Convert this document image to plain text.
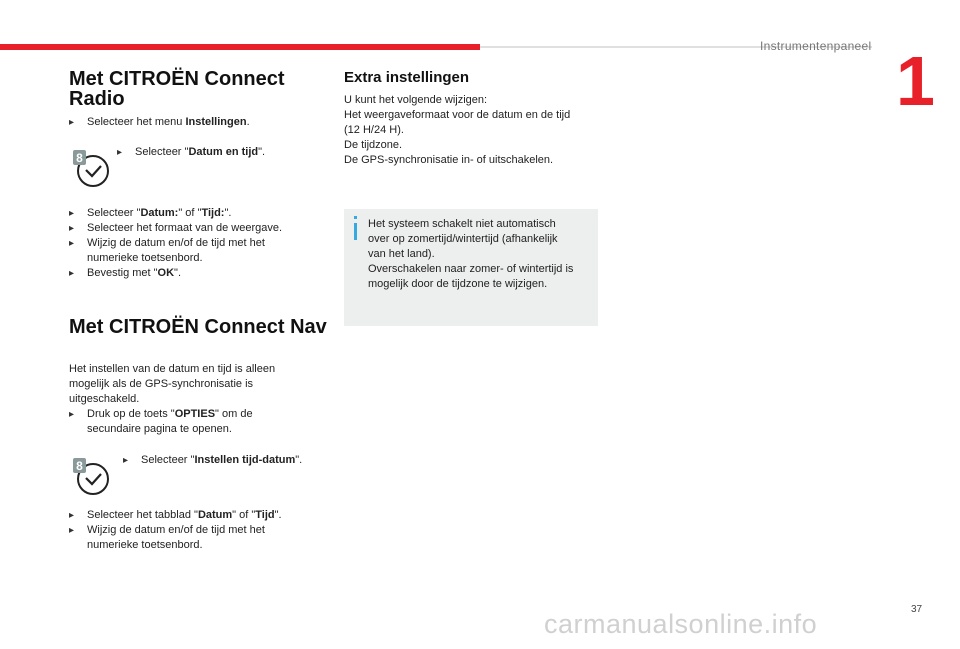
Instrumentenpaneel 1
Met CITROËN Connect
Radio
▸	Selecteer het menu Instellingen.
8	▸	Selecteer "Datum en tijd".
▸	Selecteer "Datum:" of "Tijd:".
▸	Selecteer het formaat van de weergave.
▸	Wijzig de datum en/of de tijd met het numerieke toetsenbord.
▸	Bevestig met "OK".
Met CITROËN Connect Nav
Het instellen van de datum en tijd is alleen
mogelijk als de GPS-synchronisatie is
uitgeschakeld.
▸	Druk op de toets "OPTIES" om de
secundaire pagina te openen.
8	▸	Selecteer "Instellen tijd-datum".
▸	Selecteer het tabblad "Datum" of "Tijd".
▸	Wijzig de datum en/of de tijd met het
numerieke toetsenbord.
Extra instellingen
U kunt het volgende wijzigen:
Het weergaveformaat voor de datum en de tijd
(12 H/24 H).
De tijdzone.
De GPS-synchronisatie in- of uitschakelen.
Het systeem schakelt niet automatisch
over op zomertijd/wintertijd (afhankelijk
van het land).
Overschakelen naar zomer- of wintertijd is
mogelijk door de tijdzone te wijzigen.
37
carmanualsonline.info
